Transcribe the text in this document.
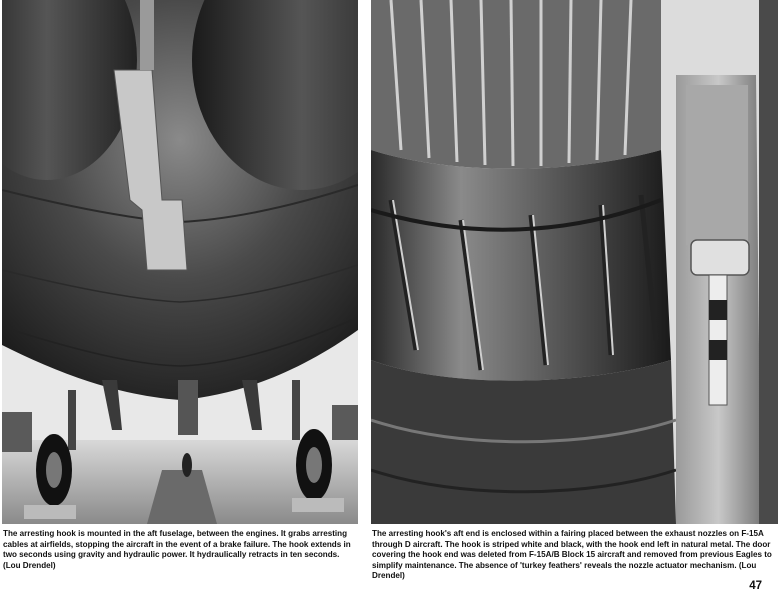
The arresting hook is mounted in the aft fuselage, between the engines. It grabs arresting cables at airfields, stopping the aircraft in the event of a brake failure. The hook extends in two seconds using gravity and hydraulic power. It hydraulically retracts in ten seconds. (Lou Drendel)

The arresting hook's aft end is enclosed within a fairing placed between the exhaust nozzles on F-15A through D aircraft. The hook is striped white and black, with the hook end left in natural metal. The door covering the hook end was deleted from F-15A/B Block 15 aircraft and removed from previous Eagles to simplify maintenance. The absence of 'turkey feathers' reveals the nozzle actuator mechanism. (Lou Drendel)

47
